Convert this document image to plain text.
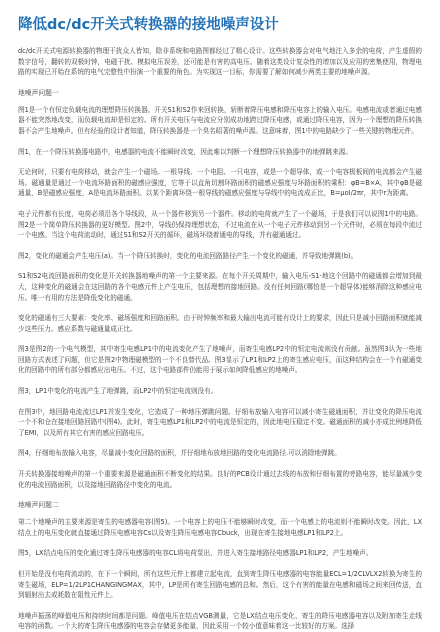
降低dc/dc开关式转换器的接地噪声设计

dc/dc开关式电源转换器的物理干扰众人皆知，除非系统和电路图都经过了精心设计。这些转换器会对电气地注入多余的电荷，产生虚假的数字信号，翻转的双极时钟，电磁干扰、模拟电压误差，还可能是有害的高电压。随着这类设计复杂性的增加以及应用的密集使用，物理电路的实现已开始在系统的电气完整性中扮演一个重要的角色。为实现这一目标，你需要了解如何减少两类主要的地噪声源。

地噪声问题一

图1是一个有恒定负载电流的理想降压转换器。开关S1和S2作来回转换，斩断着降压电感和降压电容上的输入电压。电感电流或者通过电感器不能突然地改变，而负载电流却是恒定的。所有开关电压与电流应分别成功地跨过降压电感，或通过降压电容，因为一个理想的降压转换器不会产生地噪声。但有经验的设计者知道，降压转换器是一个臭名昭著的噪声源。这意味着，图1中的电路缺少了一些关键的物理元件。

图1，在一个降压转换器电路中，电感器的电流不能瞬时改变，因此难以判断一个理想降压转换器中的地弹跳来源。

无论何时，只要有电荷移动，就会产生一个磁场。一根导线、一个电阻、一只电容，或是一个超导体，或一个电容极板间的电流都会产生磁场。磁通量是通过一个电流环路面积的磁感应强度，它等于以直角切割环路面积的磁感应强度与环路面积的乘积：φB=B×A，其中φB是磁通量，B是磁感应强度，A是电流环路面积。以某个距离环绕一根导线的磁感应强度与导线中的电流成正比，B=μoI/2πr，其中r为距离。

电子元件都有长度，电荷必须沿各个导线段，从一个器件移到另一个器件。移动的电荷就产生了一个磁场，于是我们可以说图1中的电路。图2是一个简单降压转换器的更好模型。图2中，导线仍保持理想状态，不过电流在从一个电子元件移动到另一个元件时，必须在每段中流过一个电感。当这个电荷流动时，通过S1和S2开关的循环，磁场环绕着通电的导线，并有磁通通过。

图2，变化的磁通会产生电压(a)。当一个降压转换时，变化的电流回路路径产生一个变化的磁通，并导致地弹跳(b)。

S1和S2电流回路面积的变化是开关转换器地噪声的第一个主要来源。在每个开关周期中，输入电压-S1-地这个回路中的磁通都会增加到最大，这种变化的磁通会在这回路的各个电感元件上产生电压，包括理想的接地回路。没有任何回路(哪怕是一个超导体)能够消除这种感应电压。唯一有用的方法是降低变化的磁通。

变化的磁通有三大要素：变化率、磁场强度和回路面积。由于时钟频率和最大输出电流可能有设计上的要求，因此只是减小回路面积就能减少这些压力。感应系数与磁通量成正比。

图3是图2的一个电气模型，其中寄生电感LP1中的电流变化产生了地噪声，而寄生电感LP2中的恒定电流则没有贡献。虽然图3认为一些地回路方式表述了问题，但它是图2中物理磁模型的一个不良替代品。图3显示了LP1和LP2上的寄生感应电压，而这种结构会在一个有磁通变化的回路中的所有部分都感应出电压。不过，这个电路部件仍能用于展示如何降低感应的地噪声。

图3，LP1中变化的电流产生了地弹跳，而LP2中的恒定电流则没有。

在图3中，地回路电流流过LP1并发生变化，它造成了一种地压弹跳问题。仔细布放输入电容可以减小寄生磁通面积，并让变化的降压电流一个不和仓在接地回路回路中(图4)。此时，寄生电感LP1和LP2中的电流是恒定的，因此地电压稳定不变。磁通面积的减小亦成比例地降低了EMI，以及所有其它有害的感应回路电压。

图4，仔细地布放输入电容，尽量减小变化回路的面积，并仔细地布放地回路的变化电流路径.可以消除地弹跳。

开关转换器接地噪声的第一个重要来源是磁通面积不断变化的结果。良好的PCB设计通过去线的布放和仔细布置的旁路电容，能尽量减少变化的电流回路面积，以及接地回路路径中变化的电流。

地噪声问题二

第二个地噪声的主要来源是寄生的电感器电容(图5)。一个电容上的电压不能够瞬时改变，而一个电感上的电流则不能瞬时改变。因此，LX结点上的电压变化就直接通过降压电感电容Cs以及寄生降压电感电容Cbuck，出现在寄生接地电感LP1和LP2上。

图5，LX结点电压的变化通过寄生降压电感器的电容CL将电荷泵出，并进入寄生接地路径电感器LP1和LP2，产生地噪声。

但开始是没有电荷流动的，在下一个瞬间，所有这些元件上都建立起电流，直到寄生降压电感器的电容能量ECL=1/2CLVLX2转换为寄生的寄生磁场，ELP=1/2LP1CHANGINGMAX，其中，LP是所有寄生回路电感的总和。然后，这个有害的能量在电感和磁场之间来回传送，直到辐射出去或耗散在阻性元件上。

地噪声振荡的峰值电压和持续时间都是问题。峰值电压在结点VGB测量，它是LX结点电压变化、寄生的降压电感器电容以及附加寄生走线电容的函数。一个大的寄生降压电感器的电容会存储更多能量，因此采用一个较小值意味着这一比较好的方案。选择
